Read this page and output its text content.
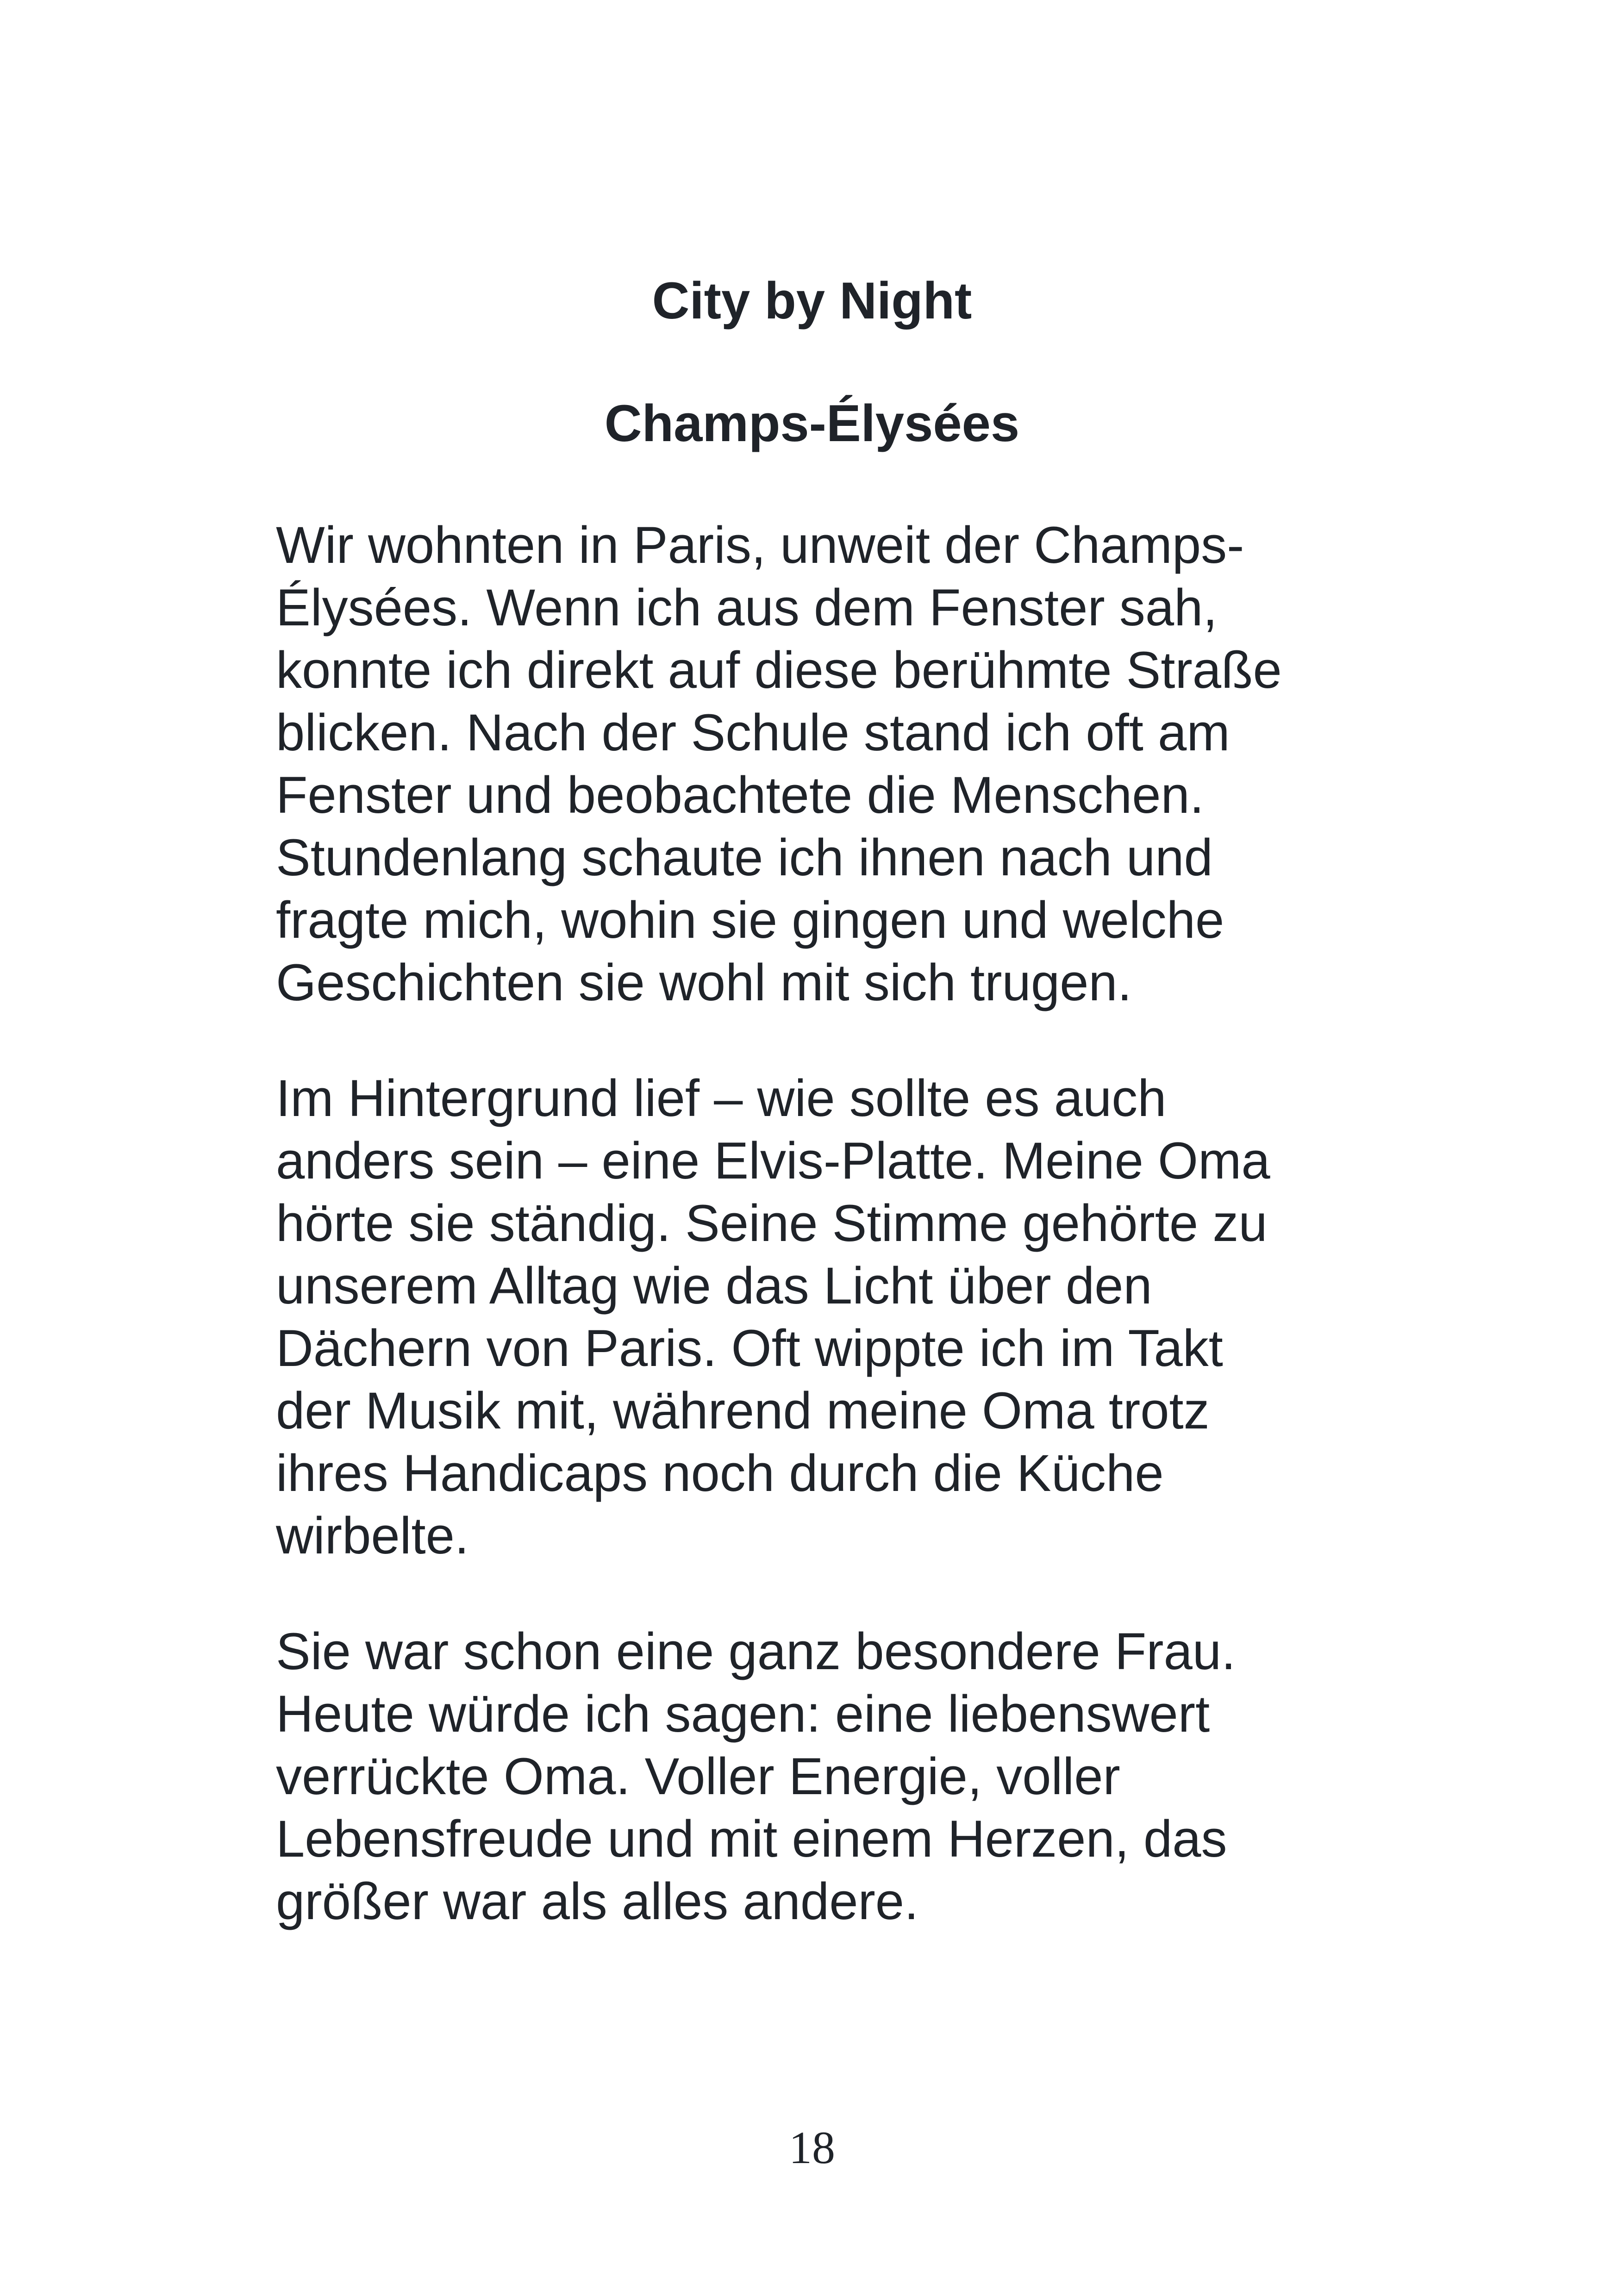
City by Night
Champs-Élysées

Wir wohnten in Paris, unweit der Champs-
Élysées. Wenn ich aus dem Fenster sah,
konnte ich direkt auf diese berühmte Straße
blicken. Nach der Schule stand ich oft am
Fenster und beobachtete die Menschen.
Stundenlang schaute ich ihnen nach und
fragte mich, wohin sie gingen und welche
Geschichten sie wohl mit sich trugen.

Im Hintergrund lief – wie sollte es auch
anders sein – eine Elvis-Platte. Meine Oma
hörte sie ständig. Seine Stimme gehörte zu
unserem Alltag wie das Licht über den
Dächern von Paris. Oft wippte ich im Takt
der Musik mit, während meine Oma trotz
ihres Handicaps noch durch die Küche
wirbelte.

Sie war schon eine ganz besondere Frau.
Heute würde ich sagen: eine liebenswert
verrückte Oma. Voller Energie, voller
Lebensfreude und mit einem Herzen, das
größer war als alles andere.

18
